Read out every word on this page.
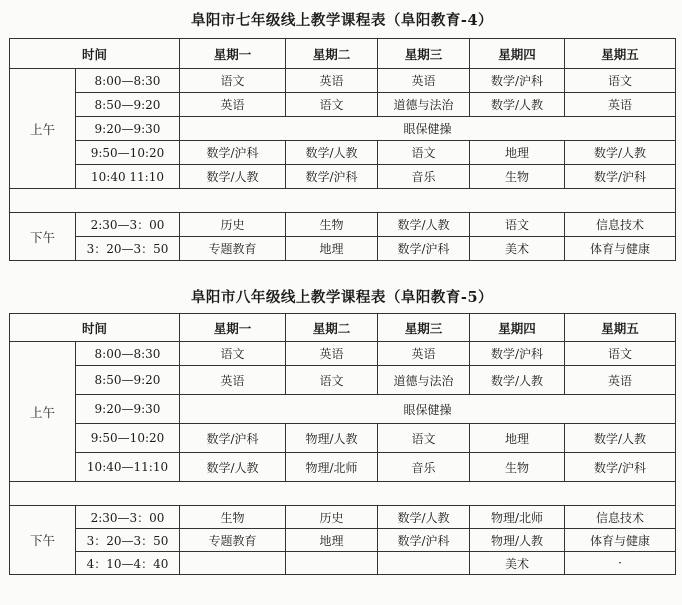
阜阳市七年级线上教学课程表（阜阳教育-4）
时间		星期一	星期二	星期三	星期四	星期五
上午	8:00—8:30	语文	英语	英语	数学/沪科	语文
	8:50—9:20	英语	语文	道德与法治	数学/人教	英语
	9:20—9:30	眼保健操				
	9:50—10:20	数学/沪科	数学/人教	语文	地理	数学/人教
	10:40 11:10	数学/人教	数学/沪科	音乐	生物	数学/沪科

下午	2:30—3：00	历史	生物	数学/人教	语文	信息技术
	3：20—3：50	专题教育	地理	数学/沪科	美术	体育与健康
阜阳市八年级线上教学课程表（阜阳教育-5）
时间		星期一	星期二	星期三	星期四	星期五
上午	8:00—8:30	语文	英语	英语	数学/沪科	语文
	8:50—9:20	英语	语文	道德与法治	数学/人教	英语
	9:20—9:30	眼保健操				
	9:50—10:20	数学/沪科	物理/人教	语文	地理	数学/人教
	10:40—11:10	数学/人教	物理/北师	音乐	生物	数学/沪科

下午	2:30—3：00	生物	历史	数学/人教	物理/北师	信息技术
	3：20—3：50	专题教育	地理	数学/沪科	物理/人教	体育与健康
	4：10—4：40				美术	·
